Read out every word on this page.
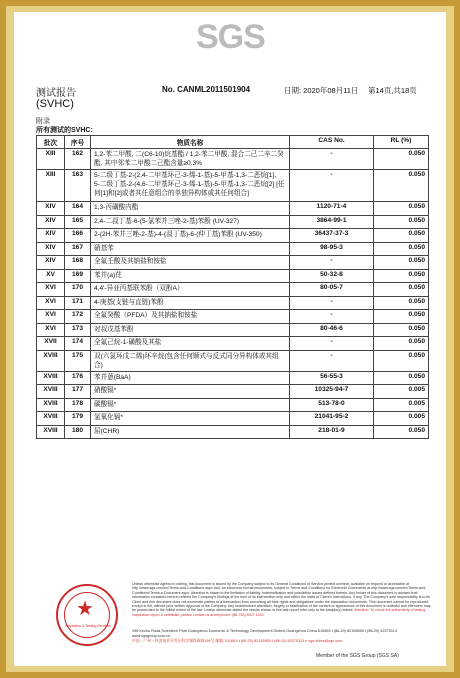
SGS
测试报告
(SVHC)
No. CANML2011501904	日期: 2020年08月11日 第14页,共18页
附录
所有测试的SVHC:
批次	序号	物质名称	CAS No.	RL (%)
XIII	162	1,2-苯二甲酸, 二(C6-10)烷基酯 / 1,2-苯二甲酸, 混合二己二辛二癸酯, 其中邻苯二甲酸二己酯含量≥0.3%	-	0.050
XIII	163	5-二级丁基-2-(2,4-二甲基环己-3-烯-1-基)-5-甲基-1,3-二恶烷[1]、5-二级丁基-2-(4,6-二甲基环己-3-烯-1-基)-5-甲基-1,3-二恶烷[2] [任何[1]和[2]或者其任意组合的单独异构体或其任何组合]	-	0.050
XIV	164	1,3-丙磺酸内酯	1120-71-4	0.050
XIV	165	2,4-二叔丁基-6-(5-氯苯并三唑-2-基)苯酚 (UV-327)	3864-99-1	0.050
XIV	166	2-(2H-苯并三唑-2-基)-4-(叔丁基)-6-(仲丁基)苯酚 (UV-350)	36437-37-3	0.050
XIV	167	硝基苯	98-95-3	0.050
XIV	168	全氟壬酸及其钠盐和铵盐	-	0.050
XV	169	苯并(a)芘	50-32-8	0.050
XVI	170	4,4'-异亚丙基联苯酚（双酚A）	80-05-7	0.050
XVI	171	4-庚基(支链与直链)苯酚	-	0.050
XVI	172	全氟癸酸（PFDA）及其钠盐和铵盐	-	0.050
XVI	173	对叔戊基苯酚	80-46-6	0.050
XVII	174	全氟己烷-1-磺酸及其盐	-	0.050
XVIII	175	双(六氯环戊二烯)环辛烷(包含任何顺式与反式同分异构体或其组合)	-	0.050
XVIII	176	苯并蒽(BaA)	56-55-3	0.050
XVIII	177	硝酸镉*	10325-94-7	0.005
XVIII	178	碳酸镉*	513-78-0	0.005
XVIII	179	氢氧化镉*	21041-95-2	0.005
XVIII	180	屈(CHR)	218-01-9	0.050
★
Inspection & Testing Services
Unless otherwise agreed in writing, this document is issued by the Company subject to its General Conditions of Service printed overleaf, available on request or accessible at http://www.sgs.com/en/Terms-and-Conditions.aspx and, for electronic format documents, subject to Terms and Conditions for Electronic Documents at http://www.sgs.com/en/Terms-and-Conditions/Terms-e-Document.aspx. Attention is drawn to the limitation of liability, indemnification and jurisdiction issues defined therein. Any holder of this document is advised that information contained hereon reflects the Company's findings at the time of its intervention only and within the limits of Client's instructions, if any. The Company's sole responsibility is to its Client and this document does not exonerate parties to a transaction from exercising all their rights and obligations under the transaction documents. This document cannot be reproduced except in full, without prior written approval of the Company. Any unauthorized alteration, forgery or falsification of the content or appearance of this document is unlawful and offenders may be prosecuted to the fullest extent of the law. Unless otherwise stated the results shown in this test report refer only to the sample(s) tested. Attention: To check the authenticity of testing /inspection report & certificate, please contact us at telephone: (86-755) 8307 1443,
198 Kezhu Road,Scientech Park Guangzhou Economic & Technology Development District,Guangzhou,China 510663 t (86-20) 82155555 f (86-20) 82075113 www.sgsgroup.com.cn
中国・广州・经济技术开发区科学城科珠路198号 邮编: 510663 t (86-20) 82155555 f (86-20) 82075113 e sgs.china@sgs.com
Member of the SGS Group (SGS SA)
